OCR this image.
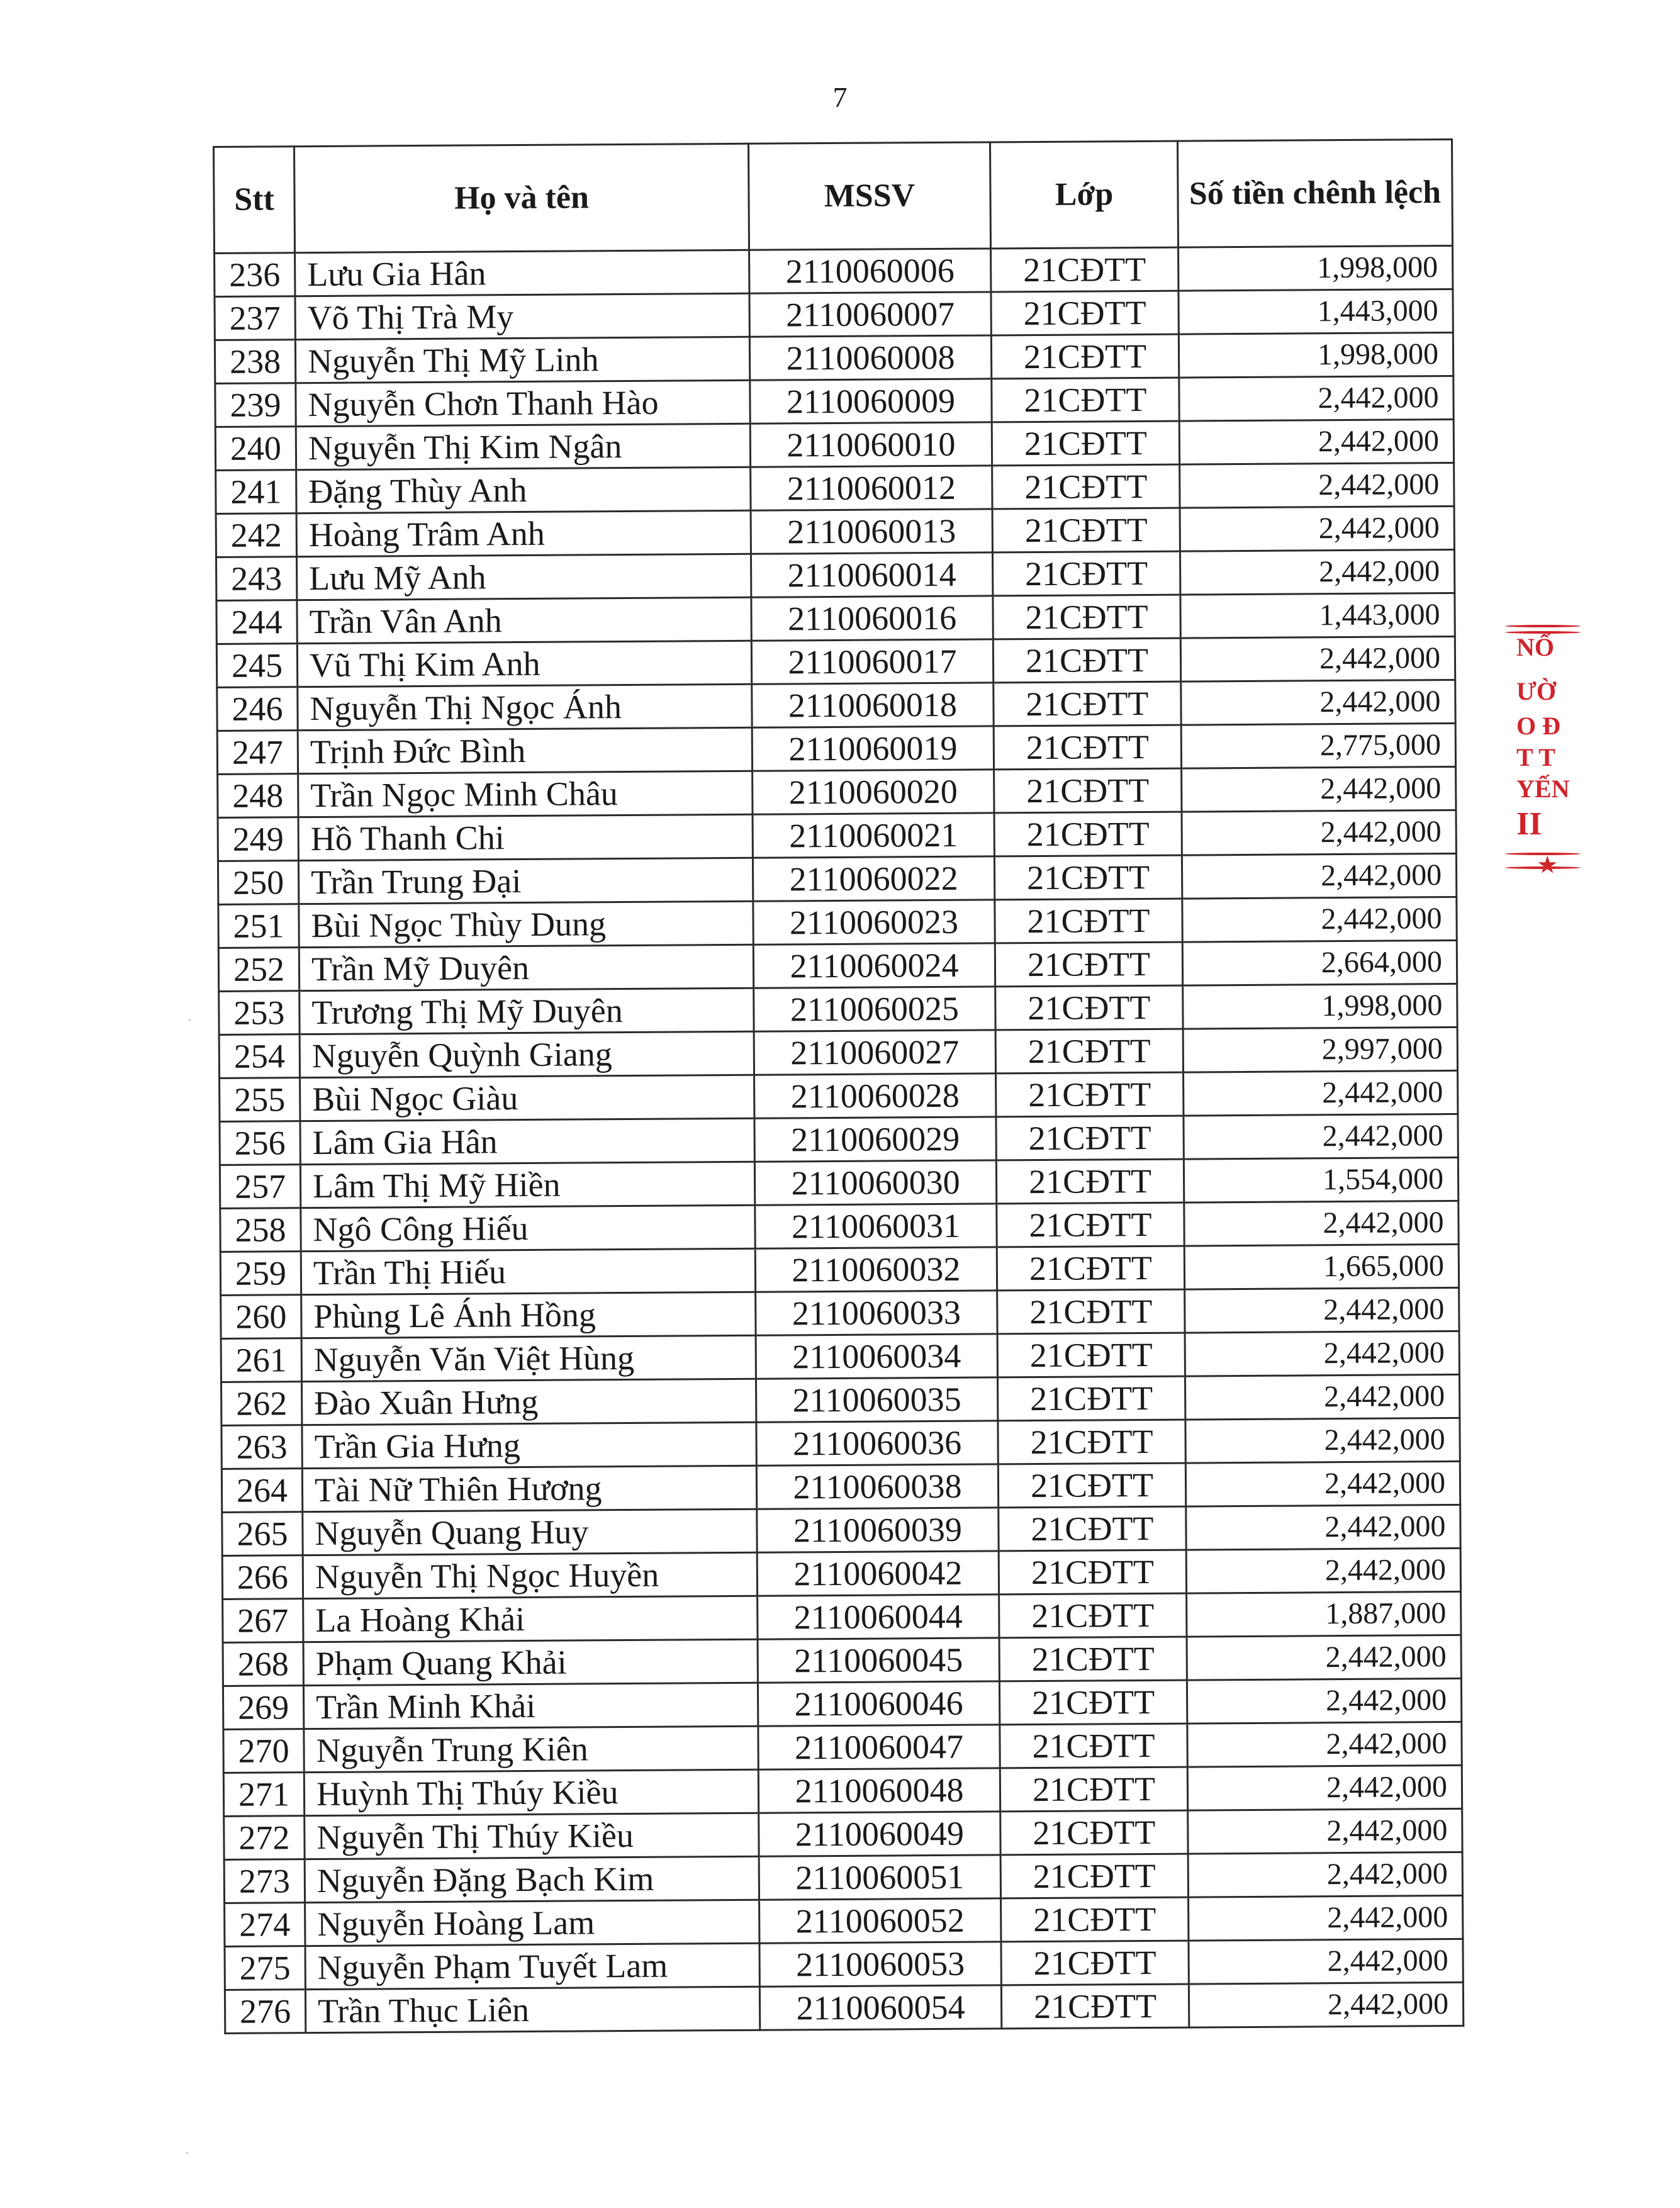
7
Stt	Họ và tên	MSSV	Lớp	Số tiền chênh lệch
236	Lưu Gia Hân	2110060006	21CĐTT	1,998,000
237	Võ Thị Trà My	2110060007	21CĐTT	1,443,000
238	Nguyễn Thị Mỹ Linh	2110060008	21CĐTT	1,998,000
239	Nguyễn Chơn Thanh Hào	2110060009	21CĐTT	2,442,000
240	Nguyễn Thị Kim Ngân	2110060010	21CĐTT	2,442,000
241	Đặng Thùy Anh	2110060012	21CĐTT	2,442,000
242	Hoàng Trâm Anh	2110060013	21CĐTT	2,442,000
243	Lưu Mỹ Anh	2110060014	21CĐTT	2,442,000
244	Trần Vân Anh	2110060016	21CĐTT	1,443,000
245	Vũ Thị Kim Anh	2110060017	21CĐTT	2,442,000
246	Nguyễn Thị Ngọc Ánh	2110060018	21CĐTT	2,442,000
247	Trịnh Đức Bình	2110060019	21CĐTT	2,775,000
248	Trần Ngọc Minh Châu	2110060020	21CĐTT	2,442,000
249	Hồ Thanh Chi	2110060021	21CĐTT	2,442,000
250	Trần Trung Đại	2110060022	21CĐTT	2,442,000
251	Bùi Ngọc Thùy Dung	2110060023	21CĐTT	2,442,000
252	Trần Mỹ Duyên	2110060024	21CĐTT	2,664,000
253	Trương Thị Mỹ Duyên	2110060025	21CĐTT	1,998,000
254	Nguyễn Quỳnh Giang	2110060027	21CĐTT	2,997,000
255	Bùi Ngọc Giàu	2110060028	21CĐTT	2,442,000
256	Lâm Gia Hân	2110060029	21CĐTT	2,442,000
257	Lâm Thị Mỹ Hiền	2110060030	21CĐTT	1,554,000
258	Ngô Công Hiếu	2110060031	21CĐTT	2,442,000
259	Trần Thị Hiếu	2110060032	21CĐTT	1,665,000
260	Phùng Lê Ánh Hồng	2110060033	21CĐTT	2,442,000
261	Nguyễn Văn Việt Hùng	2110060034	21CĐTT	2,442,000
262	Đào Xuân Hưng	2110060035	21CĐTT	2,442,000
263	Trần Gia Hưng	2110060036	21CĐTT	2,442,000
264	Tài Nữ Thiên Hương	2110060038	21CĐTT	2,442,000
265	Nguyễn Quang Huy	2110060039	21CĐTT	2,442,000
266	Nguyễn Thị Ngọc Huyền	2110060042	21CĐTT	2,442,000
267	La Hoàng Khải	2110060044	21CĐTT	1,887,000
268	Phạm Quang Khải	2110060045	21CĐTT	2,442,000
269	Trần Minh Khải	2110060046	21CĐTT	2,442,000
270	Nguyễn Trung Kiên	2110060047	21CĐTT	2,442,000
271	Huỳnh Thị Thúy Kiều	2110060048	21CĐTT	2,442,000
272	Nguyễn Thị Thúy Kiều	2110060049	21CĐTT	2,442,000
273	Nguyễn Đặng Bạch Kim	2110060051	21CĐTT	2,442,000
274	Nguyễn Hoàng Lam	2110060052	21CĐTT	2,442,000
275	Nguyễn Phạm Tuyết Lam	2110060053	21CĐTT	2,442,000
276	Trần Thục Liên	2110060054	21CĐTT	2,442,000
NỐ
ƯỜ
O Đ
T T
YẾN
II
★
